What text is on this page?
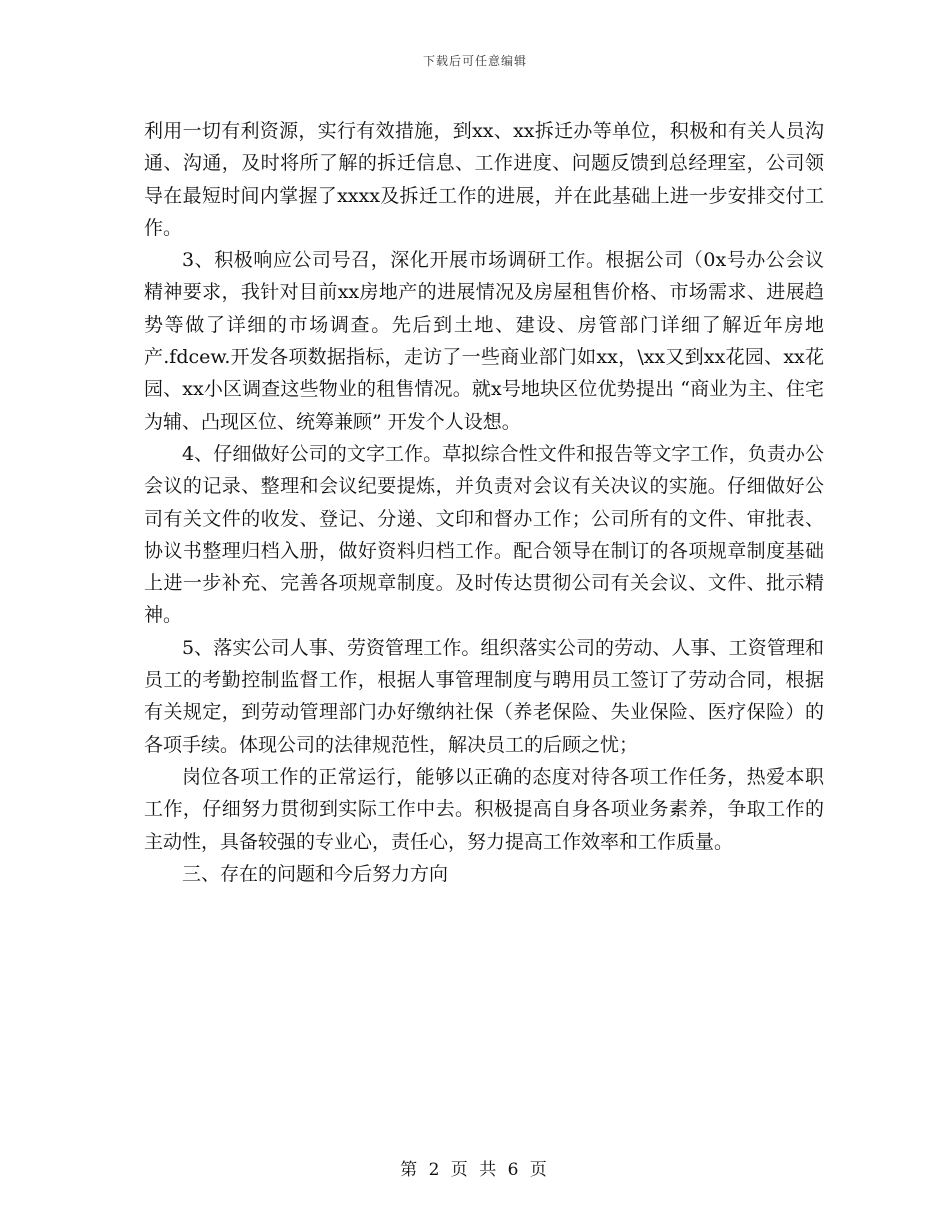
下载后可任意编辑

利用一切有利资源，实行有效措施，到xx、xx拆迁办等单位，积极和有关人员沟通、沟通，及时将所了解的拆迁信息、工作进度、问题反馈到总经理室，公司领导在最短时间内掌握了xxxx及拆迁工作的进展，并在此基础上进一步安排交付工作。

3、积极响应公司号召，深化开展市场调研工作。根据公司（0x号办公会议精神要求，我针对目前xx房地产的进展情况及房屋租售价格、市场需求、进展趋势等做了详细的市场调查。先后到土地、建设、房管部门详细了解近年房地产.fdcew.开发各项数据指标，走访了一些商业部门如xx，\xx又到xx花园、xx花园、xx小区调查这些物业的租售情况。就x号地块区位优势提出 “商业为主、住宅为辅、凸现区位、统筹兼顾” 开发个人设想。

4、仔细做好公司的文字工作。草拟综合性文件和报告等文字工作，负责办公会议的记录、整理和会议纪要提炼，并负责对会议有关决议的实施。仔细做好公司有关文件的收发、登记、分递、文印和督办工作；公司所有的文件、审批表、协议书整理归档入册，做好资料归档工作。配合领导在制订的各项规章制度基础上进一步补充、完善各项规章制度。及时传达贯彻公司有关会议、文件、批示精神。

5、落实公司人事、劳资管理工作。组织落实公司的劳动、人事、工资管理和员工的考勤控制监督工作，根据人事管理制度与聘用员工签订了劳动合同，根据有关规定，到劳动管理部门办好缴纳社保（养老保险、失业保险、医疗保险）的各项手续。体现公司的法律规范性，解决员工的后顾之忧；

岗位各项工作的正常运行，能够以正确的态度对待各项工作任务，热爱本职工作，仔细努力贯彻到实际工作中去。积极提高自身各项业务素养，争取工作的主动性，具备较强的专业心，责任心，努力提高工作效率和工作质量。

三、存在的问题和今后努力方向

第 2 页 共 6 页
